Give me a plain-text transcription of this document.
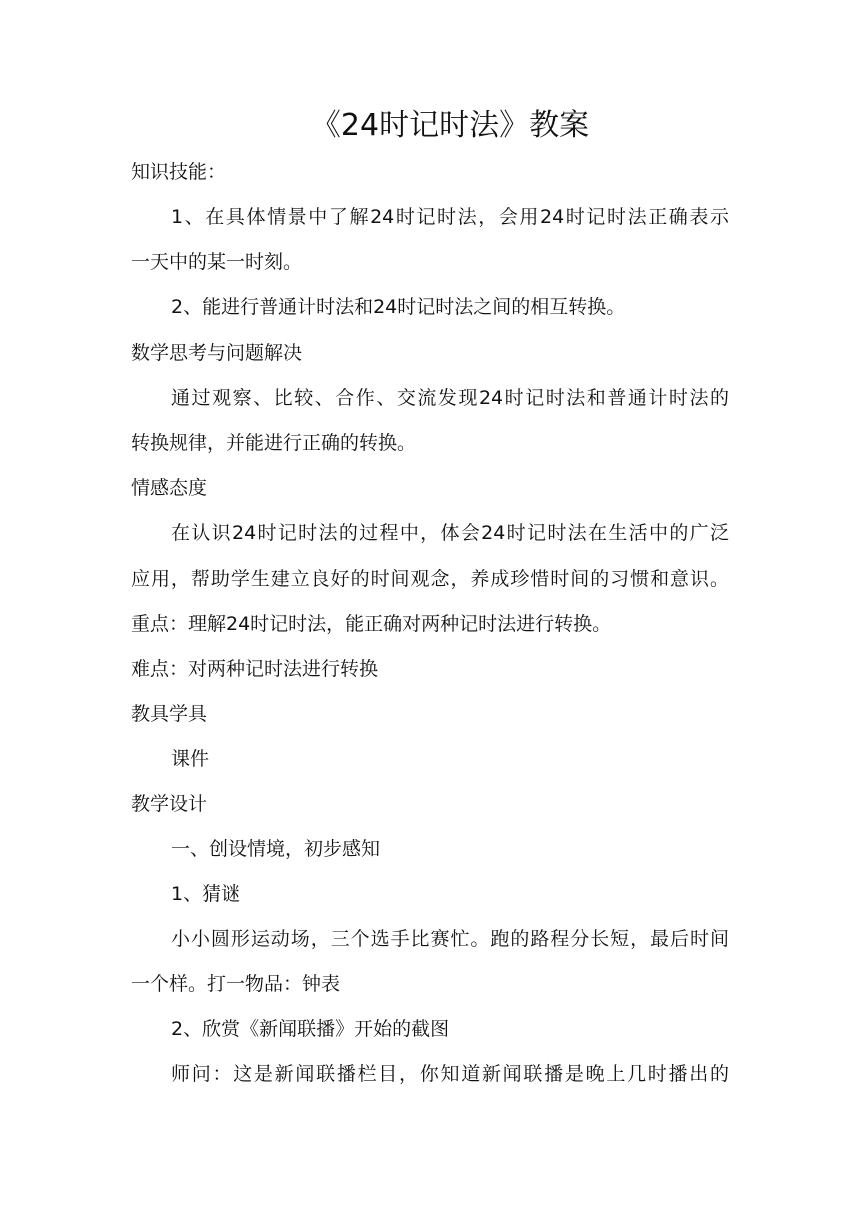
《24时记时法》教案
知识技能：
1、在具体情景中了解24时记时法，会用24时记时法正确表示
一天中的某一时刻。
2、能进行普通计时法和24时记时法之间的相互转换。
数学思考与问题解决
通过观察、比较、合作、交流发现24时记时法和普通计时法的
转换规律，并能进行正确的转换。
情感态度
在认识24时记时法的过程中，体会24时记时法在生活中的广泛
应用，帮助学生建立良好的时间观念，养成珍惜时间的习惯和意识。
重点：理解24时记时法，能正确对两种记时法进行转换。
难点：对两种记时法进行转换
教具学具
课件
教学设计
一、创设情境，初步感知
1、猜谜
小小圆形运动场，三个选手比赛忙。跑的路程分长短，最后时间
一个样。打一物品：钟表
2、欣赏《新闻联播》开始的截图
师问：这是新闻联播栏目，你知道新闻联播是晚上几时播出的
